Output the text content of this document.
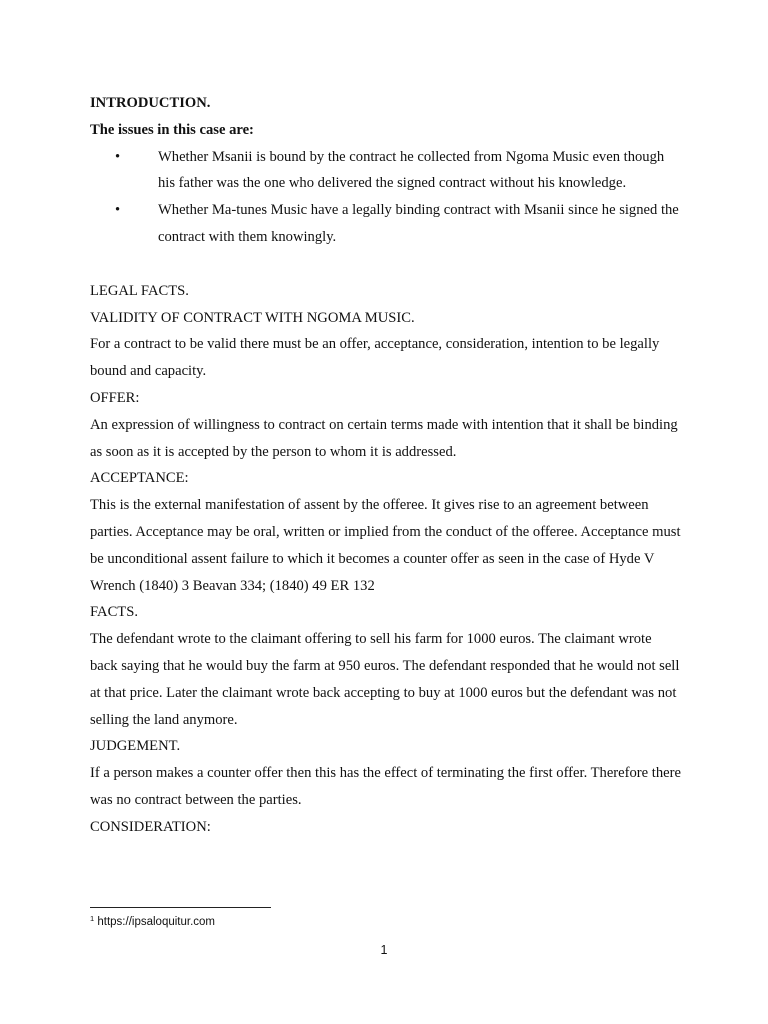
INTRODUCTION.

The issues in this case are:

•	Whether Msanii is bound by the contract he collected from Ngoma Music even though his father was the one who delivered the signed contract without his knowledge.
•	Whether Ma-tunes Music have a legally binding contract with Msanii since he signed the contract with them knowingly.

LEGAL FACTS.

VALIDITY OF CONTRACT WITH NGOMA MUSIC.

For a contract to be valid there must be an offer, acceptance, consideration, intention to be legally bound and capacity.

OFFER:

An expression of willingness to contract on certain terms made with intention that it shall be binding as soon as it is accepted by the person to whom it is addressed.

ACCEPTANCE:

This is the external manifestation of assent by the offeree. It gives rise to an agreement between parties. Acceptance may be oral, written or implied from the conduct of the offeree. Acceptance must be unconditional assent failure to which it becomes a counter offer as seen in the case of Hyde V Wrench (1840) 3 Beavan 334; (1840) 49 ER 132

FACTS.

The defendant wrote to the claimant offering to sell his farm for 1000 euros. The claimant wrote back saying that he would buy the farm at 950 euros. The defendant responded that he would not sell at that price. Later the claimant wrote back accepting to buy at 1000 euros but the defendant was not selling the land anymore.

JUDGEMENT.

If a person makes a counter offer then this has the effect of terminating the first offer. Therefore there was no contract between the parties.

CONSIDERATION:

$^1$ https://ipsaloquitur.com
1
